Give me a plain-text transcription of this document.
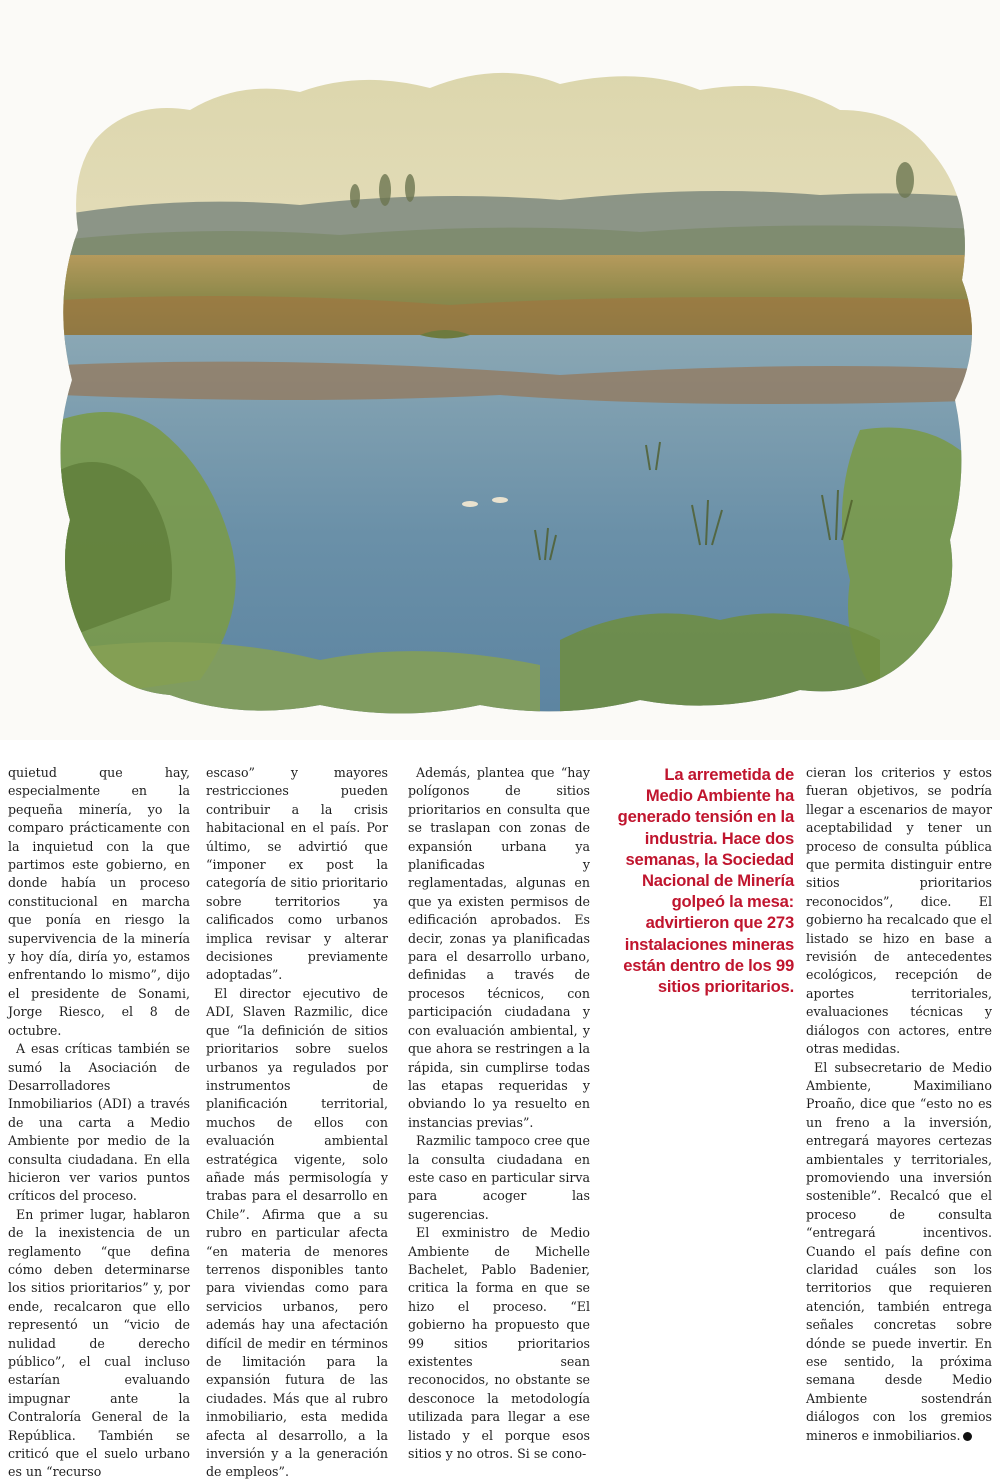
quietud que hay, especialmente en la pequeña minería, yo la comparo prácticamente con la inquietud con la que partimos este gobierno, en donde había un proceso constitucional en marcha que ponía en riesgo la supervivencia de la minería y hoy día, diría yo, estamos enfrentando lo mismo”, dijo el presidente de Sonami, Jorge Riesco, el 8 de octubre.

A esas críticas también se sumó la Asociación de Desarrolladores Inmobiliarios (ADI) a través de una carta a Medio Ambiente por medio de la consulta ciudadana. En ella hicieron ver varios puntos críticos del proceso.

En primer lugar, hablaron de la inexistencia de un reglamento “que defina cómo deben determinarse los sitios prioritarios” y, por ende, recalcaron que ello representó un “vicio de nulidad de derecho público”, el cual incluso estarían evaluando impugnar ante la Contraloría General de la República. También se criticó que el suelo urbano es un “recurso

escaso” y mayores restricciones pueden contribuir a la crisis habitacional en el país. Por último, se advirtió que “imponer ex post la categoría de sitio prioritario sobre territorios ya calificados como urbanos implica revisar y alterar decisiones previamente adoptadas”.

El director ejecutivo de ADI, Slaven Razmilic, dice que “la definición de sitios prioritarios sobre suelos urbanos ya regulados por instrumentos de planificación territorial, muchos de ellos con evaluación ambiental estratégica vigente, solo añade más permisología y trabas para el desarrollo en Chile”. Afirma que a su rubro en particular afecta “en materia de menores terrenos disponibles tanto para viviendas como para servicios urbanos, pero además hay una afectación difícil de medir en términos de limitación para la expansión futura de las ciudades. Más que al rubro inmobiliario, esta medida afecta al desarrollo, a la inversión y a la generación de empleos”.

Además, plantea que “hay polígonos de sitios prioritarios en consulta que se traslapan con zonas de expansión urbana ya planificadas y reglamentadas, algunas en que ya existen permisos de edificación aprobados. Es decir, zonas ya planificadas para el desarrollo urbano, definidas a través de procesos técnicos, con participación ciudadana y con evaluación ambiental, y que ahora se restringen a la rápida, sin cumplirse todas las etapas requeridas y obviando lo ya resuelto en instancias previas”.

Razmilic tampoco cree que la consulta ciudadana en este caso en particular sirva para acoger las sugerencias.

El exministro de Medio Ambiente de Michelle Bachelet, Pablo Badenier, critica la forma en que se hizo el proceso. “El gobierno ha propuesto que 99 sitios prioritarios existentes sean reconocidos, no obstante se desconoce la metodología utilizada para llegar a ese listado y el porque esos sitios y no otros. Si se cono-

La arremetida de Medio Ambiente ha generado tensión en la industria. Hace dos semanas, la Sociedad Nacional de Minería golpeó la mesa: advirtieron que 273 instalaciones mineras están dentro de los 99 sitios prioritarios.

cieran los criterios y estos fueran objetivos, se podría llegar a escenarios de mayor aceptabilidad y tener un proceso de consulta pública que permita distinguir entre sitios prioritarios reconocidos”, dice. El gobierno ha recalcado que el listado se hizo en base a revisión de antecedentes ecológicos, recepción de aportes territoriales, evaluaciones técnicas y diálogos con actores, entre otras medidas.

El subsecretario de Medio Ambiente, Maximiliano Proaño, dice que “esto no es un freno a la inversión, entregará mayores certezas ambientales y territoriales, promoviendo una inversión sostenible”. Recalcó que el proceso de consulta “entregará incentivos. Cuando el país define con claridad cuáles son los territorios que requieren atención, también entrega señales concretas sobre dónde se puede invertir. En ese sentido, la próxima semana desde Medio Ambiente sostendrán diálogos con los gremios mineros e inmobiliarios.
